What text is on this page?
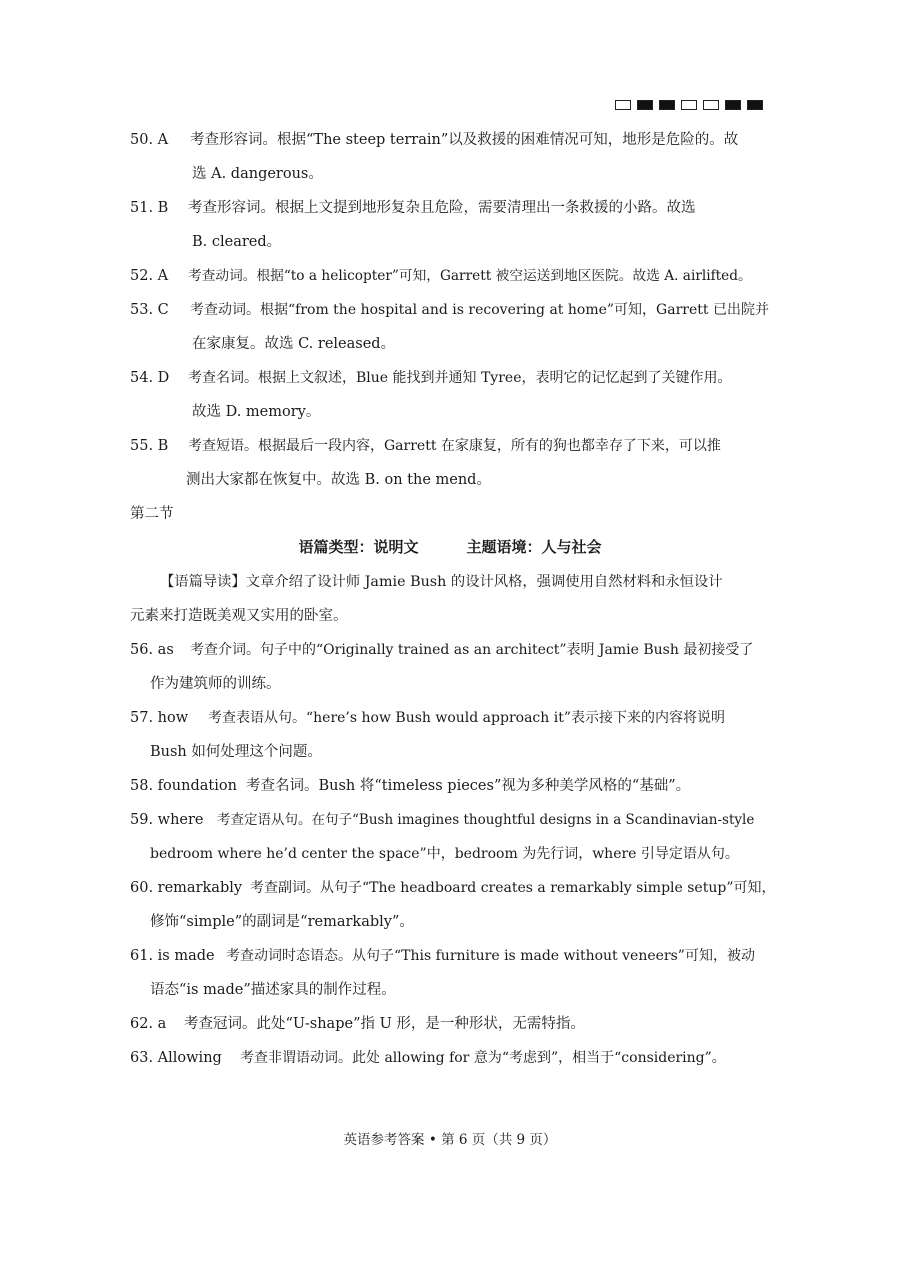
50. A 考查形容词。根据“The steep terrain”以及救援的困难情况可知，地形是危险的。故
选 A. dangerous。
51. B 考查形容词。根据上文提到地形复杂且危险，需要清理出一条救援的小路。故选
B. cleared。
52. A 考查动词。根据“to a helicopter”可知，Garrett 被空运送到地区医院。故选 A. airlifted。
53. C 考查动词。根据“from the hospital and is recovering at home”可知，Garrett 已出院并
在家康复。故选 C. released。
54. D 考查名词。根据上文叙述，Blue 能找到并通知 Tyree，表明它的记忆起到了关键作用。
故选 D. memory。
55. B 考查短语。根据最后一段内容，Garrett 在家康复，所有的狗也都幸存了下来，可以推
测出大家都在恢复中。故选 B. on the mend。
第二节
语篇类型：说明文	主题语境：人与社会
【语篇导读】文章介绍了设计师 Jamie Bush 的设计风格，强调使用自然材料和永恒设计
元素来打造既美观又实用的卧室。
56. as 考查介词。句子中的“Originally trained as an architect”表明 Jamie Bush 最初接受了
作为建筑师的训练。
57. how 考查表语从句。“here’s how Bush would approach it”表示接下来的内容将说明
Bush 如何处理这个问题。
58. foundation 考查名词。Bush 将“timeless pieces”视为多种美学风格的“基础”。
59. where 考查定语从句。在句子“Bush imagines thoughtful designs in a Scandinavian-style
bedroom where he’d center the space”中，bedroom 为先行词，where 引导定语从句。
60. remarkably 考查副词。从句子“The headboard creates a remarkably simple setup”可知，
修饰“simple”的副词是“remarkably”。
61. is made 考查动词时态语态。从句子“This furniture is made without veneers”可知，被动
语态“is made”描述家具的制作过程。
62. a 考查冠词。此处“U-shape”指 U 形，是一种形状，无需特指。
63. Allowing 考查非谓语动词。此处 allowing for 意为“考虑到”，相当于“considering”。
英语参考答案 • 第 6 页（共 9 页）
